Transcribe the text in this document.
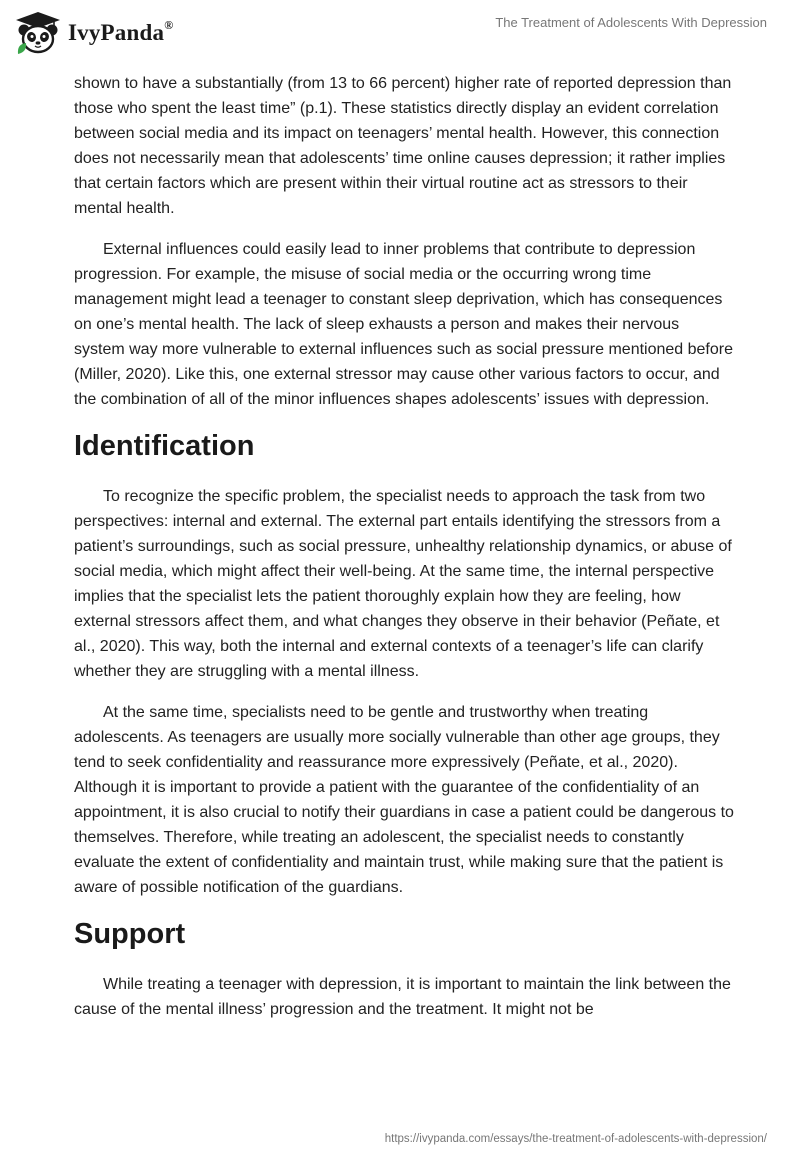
IvyPanda®	The Treatment of Adolescents With Depression

shown to have a substantially (from 13 to 66 percent) higher rate of reported depression than those who spent the least time” (p.1). These statistics directly display an evident correlation between social media and its impact on teenagers’ mental health. However, this connection does not necessarily mean that adolescents’ time online causes depression; it rather implies that certain factors which are present within their virtual routine act as stressors to their mental health.

External influences could easily lead to inner problems that contribute to depression progression. For example, the misuse of social media or the occurring wrong time management might lead a teenager to constant sleep deprivation, which has consequences on one’s mental health. The lack of sleep exhausts a person and makes their nervous system way more vulnerable to external influences such as social pressure mentioned before (Miller, 2020). Like this, one external stressor may cause other various factors to occur, and the combination of all of the minor influences shapes adolescents’ issues with depression.

Identification

To recognize the specific problem, the specialist needs to approach the task from two perspectives: internal and external. The external part entails identifying the stressors from a patient’s surroundings, such as social pressure, unhealthy relationship dynamics, or abuse of social media, which might affect their well-being. At the same time, the internal perspective implies that the specialist lets the patient thoroughly explain how they are feeling, how external stressors affect them, and what changes they observe in their behavior (Peñate, et al., 2020). This way, both the internal and external contexts of a teenager’s life can clarify whether they are struggling with a mental illness.

At the same time, specialists need to be gentle and trustworthy when treating adolescents. As teenagers are usually more socially vulnerable than other age groups, they tend to seek confidentiality and reassurance more expressively (Peñate, et al., 2020). Although it is important to provide a patient with the guarantee of the confidentiality of an appointment, it is also crucial to notify their guardians in case a patient could be dangerous to themselves. Therefore, while treating an adolescent, the specialist needs to constantly evaluate the extent of confidentiality and maintain trust, while making sure that the patient is aware of possible notification of the guardians.

Support

While treating a teenager with depression, it is important to maintain the link between the cause of the mental illness’ progression and the treatment. It might not be

https://ivypanda.com/essays/the-treatment-of-adolescents-with-depression/
